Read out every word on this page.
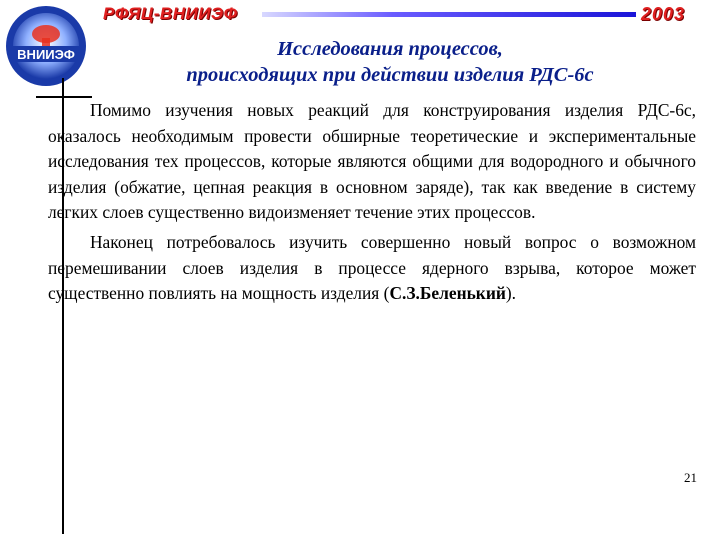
ВНИИЭФ
РФЯЦ-ВНИИЭФ	2003
Исследования процессов,
происходящих при действии изделия РДС-6с

Помимо изучения новых реакций для конструирования изделия РДС-6с, оказалось необходимым провести обширные теоретические и экспериментальные исследования тех процессов, которые являются общими для водородного и обычного изделия (обжатие, цепная реакция в основном заряде), так как введение в систему легких слоев существенно видоизменяет течение этих процессов.

Наконец потребовалось изучить совершенно новый вопрос о возможном перемешивании слоев изделия в процессе ядерного взрыва, которое может существенно повлиять на мощность изделия (С.З.Беленький).

21
